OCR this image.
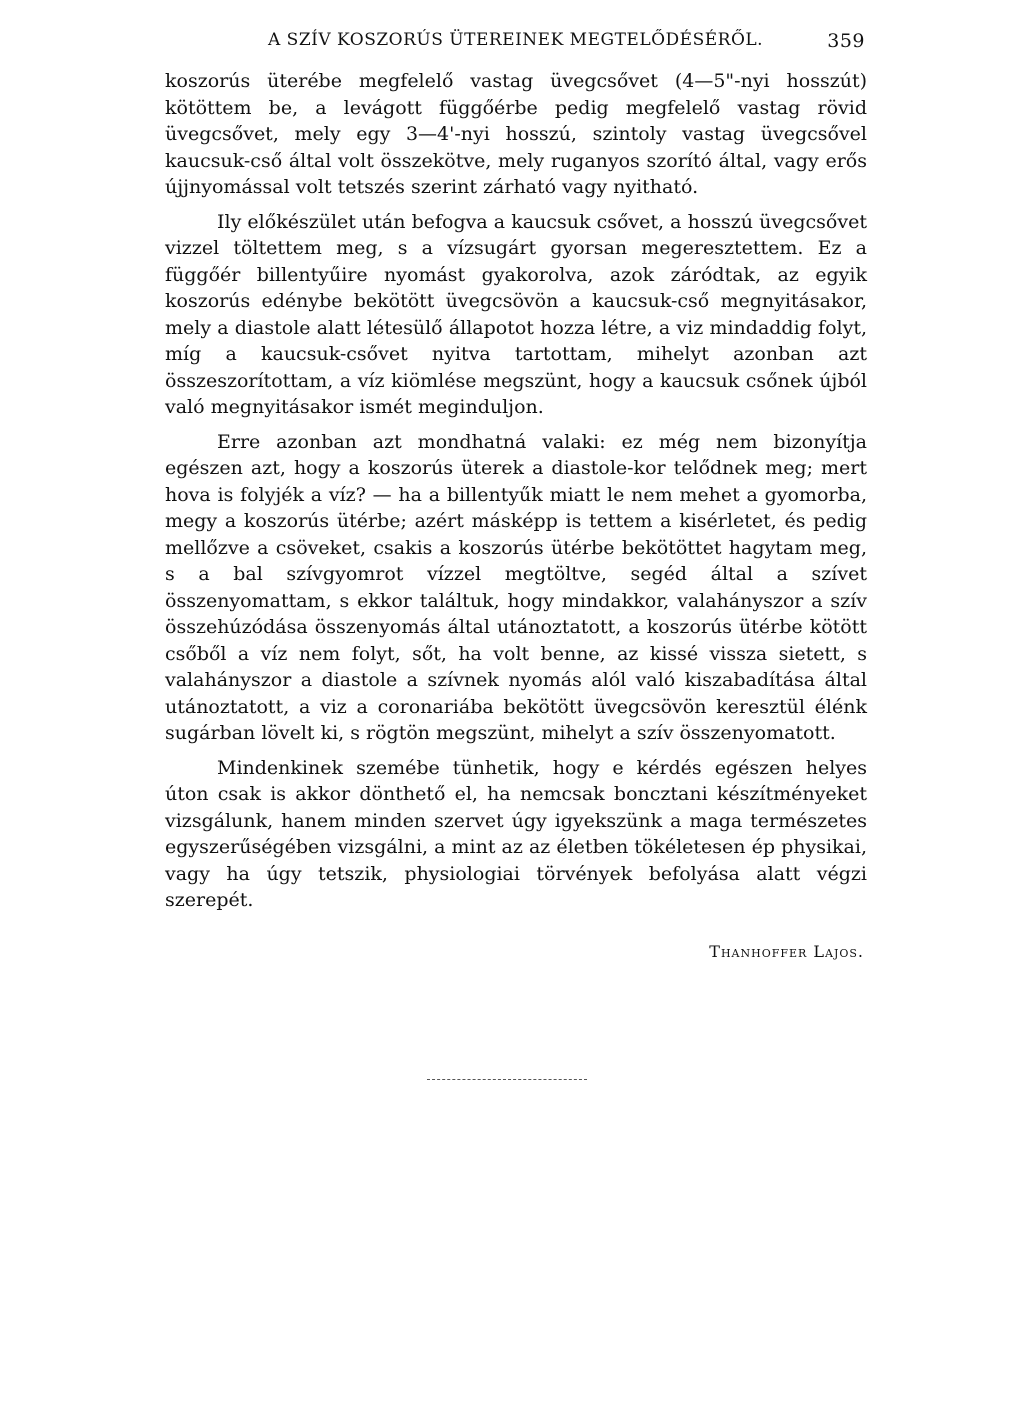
A SZÍV KOSZORÚS ÜTEREINEK MEGTELŐDÉSÉRŐL.	359

koszorús üterébe megfelelő vastag üvegcsővet (4—5"-nyi hosszút) kötöttem be, a levágott függőérbe pedig megfelelő vastag rövid üvegcsővet, mely egy 3—4'-nyi hosszú, szintoly vastag üvegcsővel kaucsuk-cső által volt összekötve, mely ruganyos szorító által, vagy erős újjnyomással volt tetszés szerint zárható vagy nyitható.

Ily előkészület után befogva a kaucsuk csővet, a hosszú üvegcsővet vizzel töltettem meg, s a vízsugárt gyorsan megeresztettem. Ez a függőér billentyűire nyomást gyakorolva, azok záródtak, az egyik koszorús edénybe bekötött üvegcsövön a kaucsuk-cső megnyitásakor, mely a diastole alatt létesülő állapotot hozza létre, a viz mindaddig folyt, míg a kaucsuk-csővet nyitva tartottam, mihelyt azonban azt összeszorítottam, a víz kiömlése megszünt, hogy a kaucsuk csőnek újból való megnyitásakor ismét meginduljon.

Erre azonban azt mondhatná valaki: ez még nem bizonyítja egészen azt, hogy a koszorús üterek a diastole-kor telődnek meg; mert hova is folyjék a víz? — ha a billentyűk miatt le nem mehet a gyomorba, megy a koszorús ütérbe; azért másképp is tettem a kisérletet, és pedig mellőzve a csöveket, csakis a koszorús ütérbe bekötöttet hagytam meg, s a bal szívgyomrot vízzel megtöltve, segéd által a szívet összenyomattam, s ekkor találtuk, hogy mindakkor, valahányszor a szív összehúzódása összenyomás által utánoztatott, a koszorús ütérbe kötött csőből a víz nem folyt, sőt, ha volt benne, az kissé vissza sietett, s valahányszor a diastole a szívnek nyomás alól való kiszabadítása által utánoztatott, a viz a coronariába bekötött üvegcsövön keresztül élénk sugárban lövelt ki, s rögtön megszünt, mihelyt a szív összenyomatott.

Mindenkinek szemébe tünhetik, hogy e kérdés egészen helyes úton csak is akkor dönthető el, ha nemcsak boncztani készítményeket vizsgálunk, hanem minden szervet úgy igyekszünk a maga természetes egyszerűségében vizsgálni, a mint az az életben tökéletesen ép physikai, vagy ha úgy tetszik, physiologiai törvények befolyása alatt végzi szerepét.

Thanhoffer Lajos.
